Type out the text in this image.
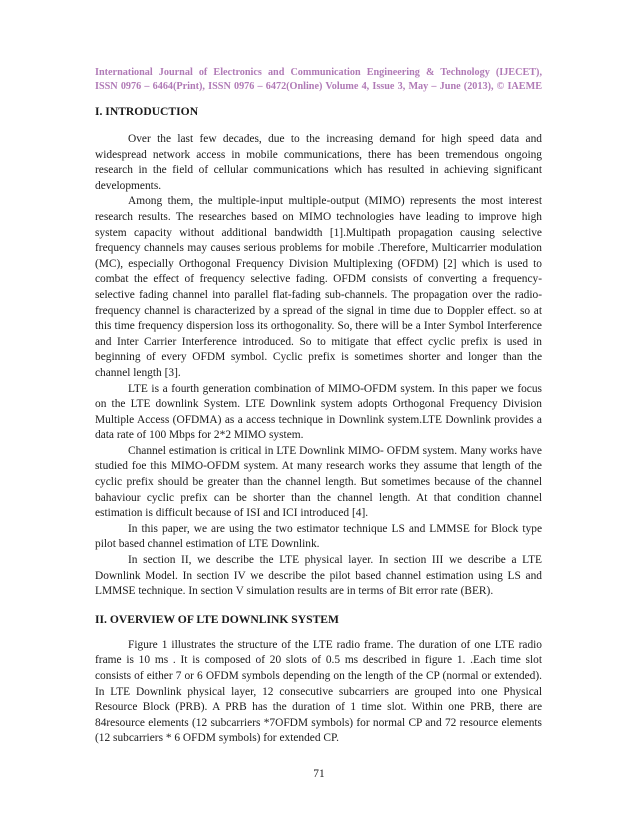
International Journal of Electronics and Communication Engineering & Technology (IJECET),
ISSN 0976 – 6464(Print), ISSN 0976 – 6472(Online) Volume 4, Issue 3, May – June (2013), © IAEME

I. INTRODUCTION

Over the last few decades, due to the increasing demand for high speed data and widespread network access in mobile communications, there has been tremendous ongoing research in the field of cellular communications which has resulted in achieving significant developments.

Among them, the multiple-input multiple-output (MIMO) represents the most interest research results. The researches based on MIMO technologies have leading to improve high system capacity without additional bandwidth [1].Multipath propagation causing selective frequency channels may causes serious problems for mobile .Therefore, Multicarrier modulation (MC), especially Orthogonal Frequency Division Multiplexing (OFDM) [2] which is used to combat the effect of frequency selective fading. OFDM consists of converting a frequency-selective fading channel into parallel flat-fading sub-channels. The propagation over the radio-frequency channel is characterized by a spread of the signal in time due to Doppler effect. so at this time frequency dispersion loss its orthogonality. So, there will be a Inter Symbol Interference and Inter Carrier Interference introduced. So to mitigate that effect cyclic prefix is used in beginning of every OFDM symbol. Cyclic prefix is sometimes shorter and longer than the channel length [3].

LTE is a fourth generation combination of MIMO-OFDM system. In this paper we focus on the LTE downlink System. LTE Downlink system adopts Orthogonal Frequency Division Multiple Access (OFDMA) as a access technique in Downlink system.LTE Downlink provides a data rate of 100 Mbps for 2*2 MIMO system.

Channel estimation is critical in LTE Downlink MIMO- OFDM system. Many works have studied foe this MIMO-OFDM system. At many research works they assume that length of the cyclic prefix should be greater than the channel length. But sometimes because of the channel bahaviour cyclic prefix can be shorter than the channel length. At that condition channel estimation is difficult because of ISI and ICI introduced [4].

In this paper, we are using the two estimator technique LS and LMMSE for Block type pilot based channel estimation of LTE Downlink.

In section II, we describe the LTE physical layer. In section III we describe a LTE Downlink Model. In section IV we describe the pilot based channel estimation using LS and LMMSE technique. In section V simulation results are in terms of Bit error rate (BER).

II. OVERVIEW OF LTE DOWNLINK SYSTEM

Figure 1 illustrates the structure of the LTE radio frame. The duration of one LTE radio frame is 10 ms . It is composed of 20 slots of 0.5 ms described in figure 1. .Each time slot consists of either 7 or 6 OFDM symbols depending on the length of the CP (normal or extended). In LTE Downlink physical layer, 12 consecutive subcarriers are grouped into one Physical Resource Block (PRB). A PRB has the duration of 1 time slot. Within one PRB, there are 84resource elements (12 subcarriers *7OFDM symbols) for normal CP and 72 resource elements (12 subcarriers * 6 OFDM symbols) for extended CP.

71
